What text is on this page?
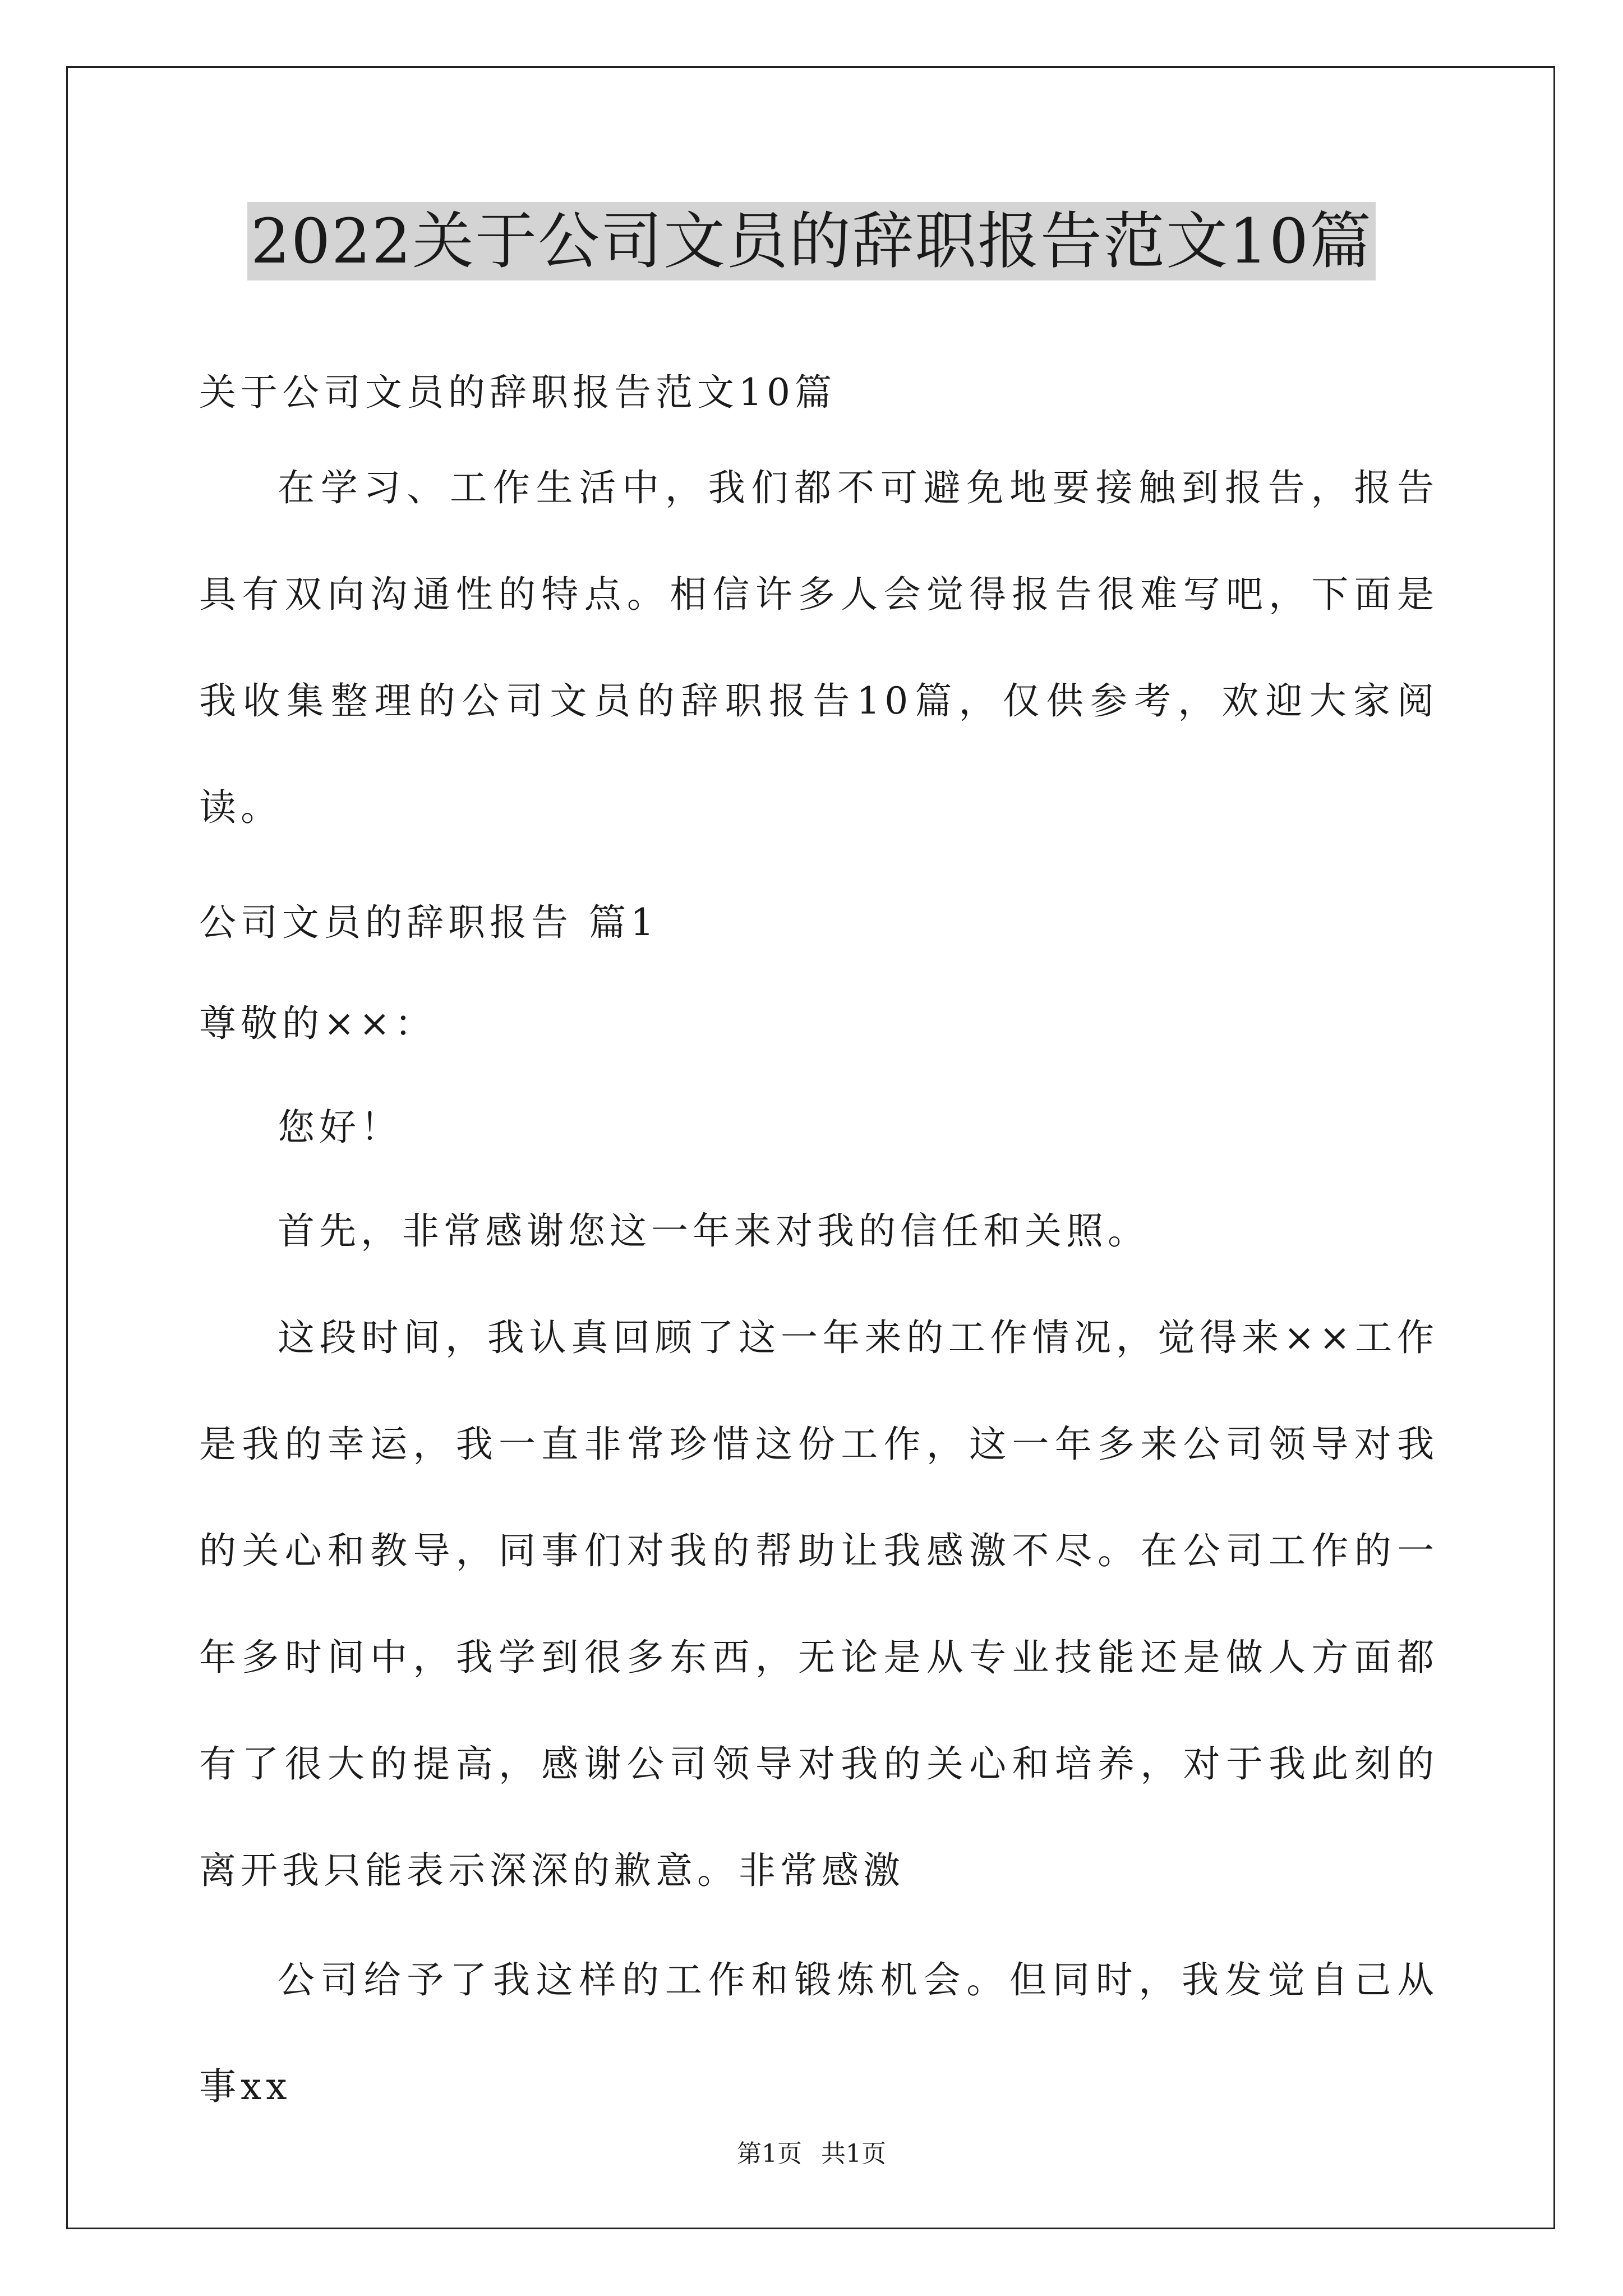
2022关于公司文员的辞职报告范文10篇

关于公司文员的辞职报告范文10篇

在学习、工作生活中，我们都不可避免地要接触到报告，报告具有双向沟通性的特点。相信许多人会觉得报告很难写吧，下面是我收集整理的公司文员的辞职报告10篇，仅供参考，欢迎大家阅读。

公司文员的辞职报告 篇1

尊敬的××：

您好！

首先，非常感谢您这一年来对我的信任和关照。

这段时间，我认真回顾了这一年来的工作情况，觉得来××工作是我的幸运，我一直非常珍惜这份工作，这一年多来公司领导对我的关心和教导，同事们对我的帮助让我感激不尽。在公司工作的一年多时间中，我学到很多东西，无论是从专业技能还是做人方面都有了很大的提高，感谢公司领导对我的关心和培养，对于我此刻的离开我只能表示深深的歉意。非常感激

公司给予了我这样的工作和锻炼机会。但同时，我发觉自己从事xx

第1页 共1页
